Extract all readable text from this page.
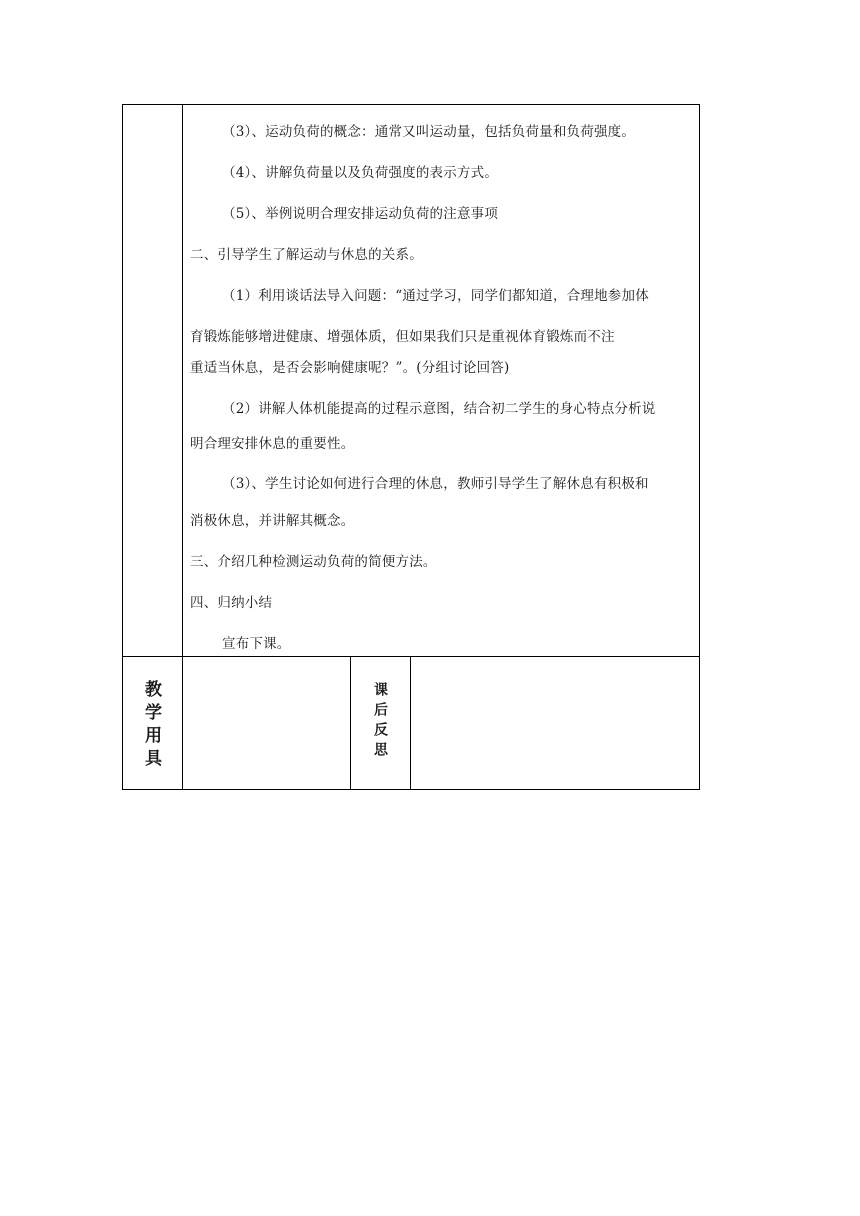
（3）、运动负荷的概念：通常又叫运动量，包括负荷量和负荷强度。
（4）、讲解负荷量以及负荷强度的表示方式。
（5）、举例说明合理安排运动负荷的注意事项
二、引导学生了解运动与休息的关系。
（1）利用谈话法导入问题：“通过学习，同学们都知道，合理地参加体
育锻炼能够增进健康、增强体质，但如果我们只是重视体育锻炼而不注
重适当休息，是否会影响健康呢？”。(分组讨论回答)
（2）讲解人体机能提高的过程示意图，结合初二学生的身心特点分析说
明合理安排休息的重要性。
（3）、学生讨论如何进行合理的休息，教师引导学生了解休息有积极和
消极休息，并讲解其概念。
三、介绍几种检测运动负荷的简便方法。
四、归纳小结
宣布下课。
教学用具	课后反思
